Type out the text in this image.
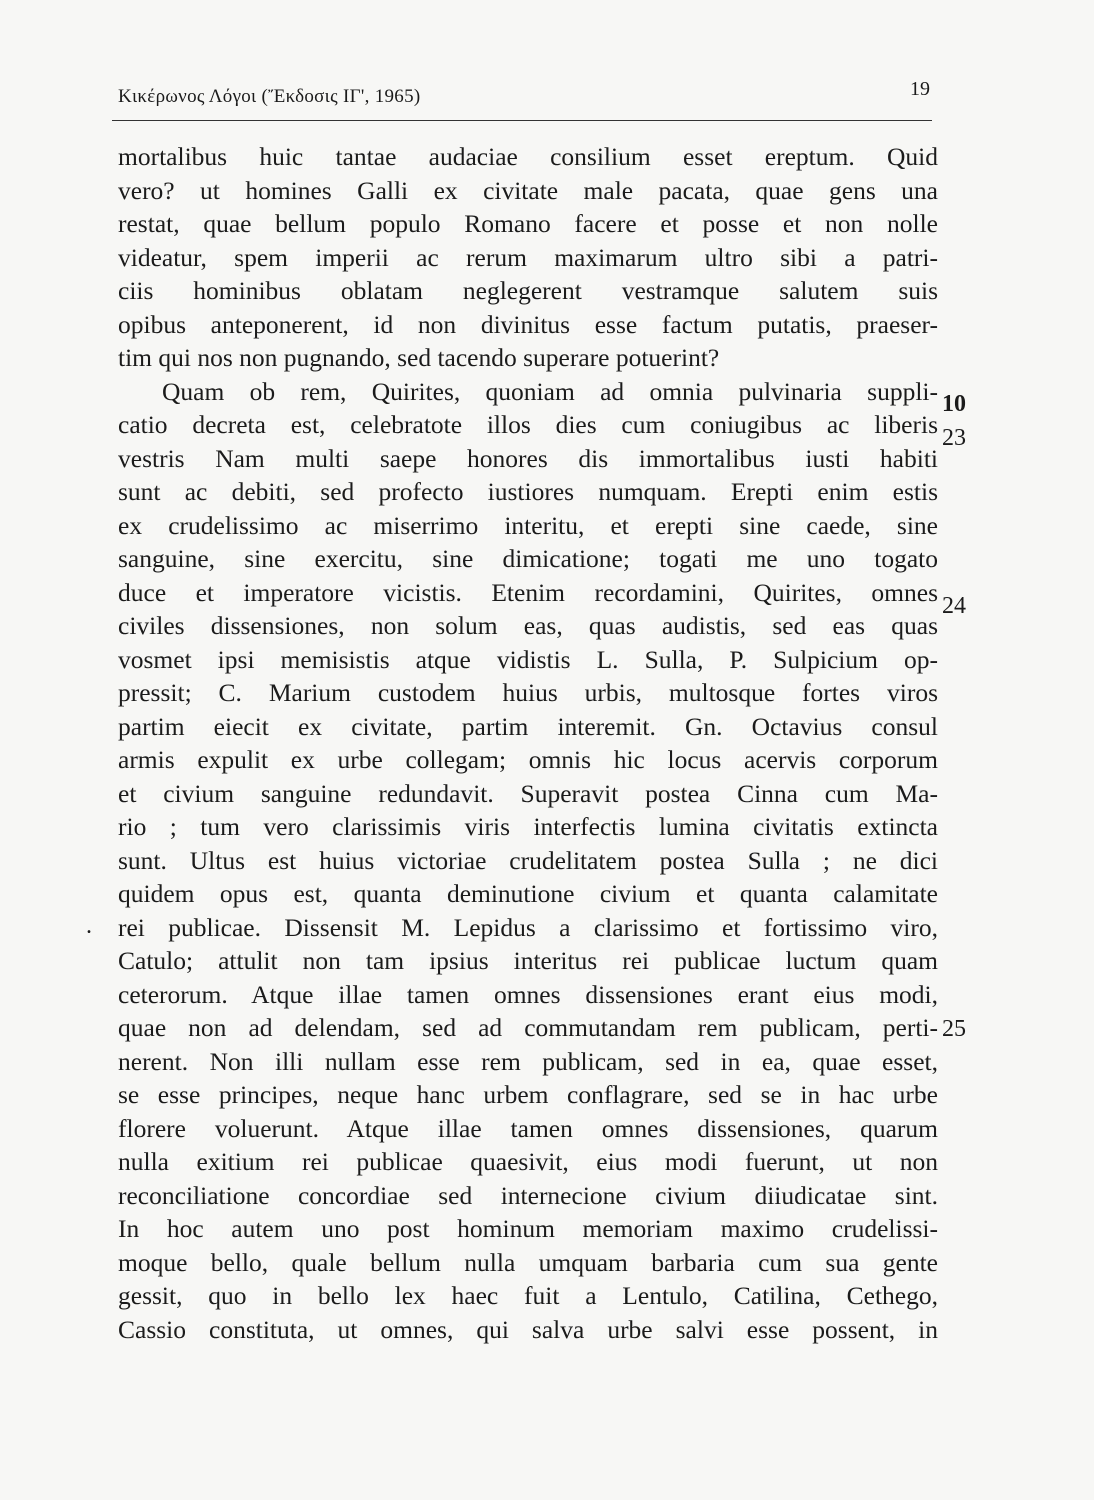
Κικέρωνος Λόγοι (Ἔκδοσις ΙΓ', 1965)	19
mortalibus huic tantae audaciae consilium esset ereptum. Quid
vero? ut homines Galli ex civitate male pacata, quae gens una
restat, quae bellum populo Romano facere et posse et non nolle
videatur, spem imperii ac rerum maximarum ultro sibi a patri-
ciis hominibus oblatam neglegerent vestramque salutem suis
opibus anteponerent, id non divinitus esse factum putatis, praeser-
tim qui nos non pugnando, sed tacendo superare potuerint?
Quam ob rem, Quirites, quoniam ad omnia pulvinaria suppli-
catio decreta est, celebratote illos dies cum coniugibus ac liberis
vestris Nam multi saepe honores dis immortalibus iusti habiti
sunt ac debiti, sed profecto iustiores numquam. Erepti enim estis
ex crudelissimo ac miserrimo interitu, et erepti sine caede, sine
sanguine, sine exercitu, sine dimicatione; togati me uno togato
duce et imperatore vicistis. Etenim recordamini, Quirites, omnes
civiles dissensiones, non solum eas, quas audistis, sed eas quas
vosmet ipsi memisistis atque vidistis L. Sulla, P. Sulpicium op-
pressit; C. Marium custodem huius urbis, multosque fortes viros
partim eiecit ex civitate, partim interemit. Gn. Octavius consul
armis expulit ex urbe collegam; omnis hic locus acervis corporum
et civium sanguine redundavit. Superavit postea Cinna cum Ma-
rio ; tum vero clarissimis viris interfectis lumina civitatis extincta
sunt. Ultus est huius victoriae crudelitatem postea Sulla ; ne dici
quidem opus est, quanta deminutione civium et quanta calamitate
rei publicae. Dissensit M. Lepidus a clarissimo et fortissimo viro,
Catulo; attulit non tam ipsius interitus rei publicae luctum quam
ceterorum. Atque illae tamen omnes dissensiones erant eius modi,
quae non ad delendam, sed ad commutandam rem publicam, perti-
nerent. Non illi nullam esse rem publicam, sed in ea, quae esset,
se esse principes, neque hanc urbem conflagrare, sed se in hac urbe
florere voluerunt. Atque illae tamen omnes dissensiones, quarum
nulla exitium rei publicae quaesivit, eius modi fuerunt, ut non
reconciliatione concordiae sed internecione civium diiudicatae sint.
In hoc autem uno post hominum memoriam maximo crudelissi-
moque bello, quale bellum nulla umquam barbaria cum sua gente
gessit, quo in bello lex haec fuit a Lentulo, Catilina, Cethego,
Cassio constituta, ut omnes, qui salva urbe salvi esse possent, in
10
23
24
25
.
